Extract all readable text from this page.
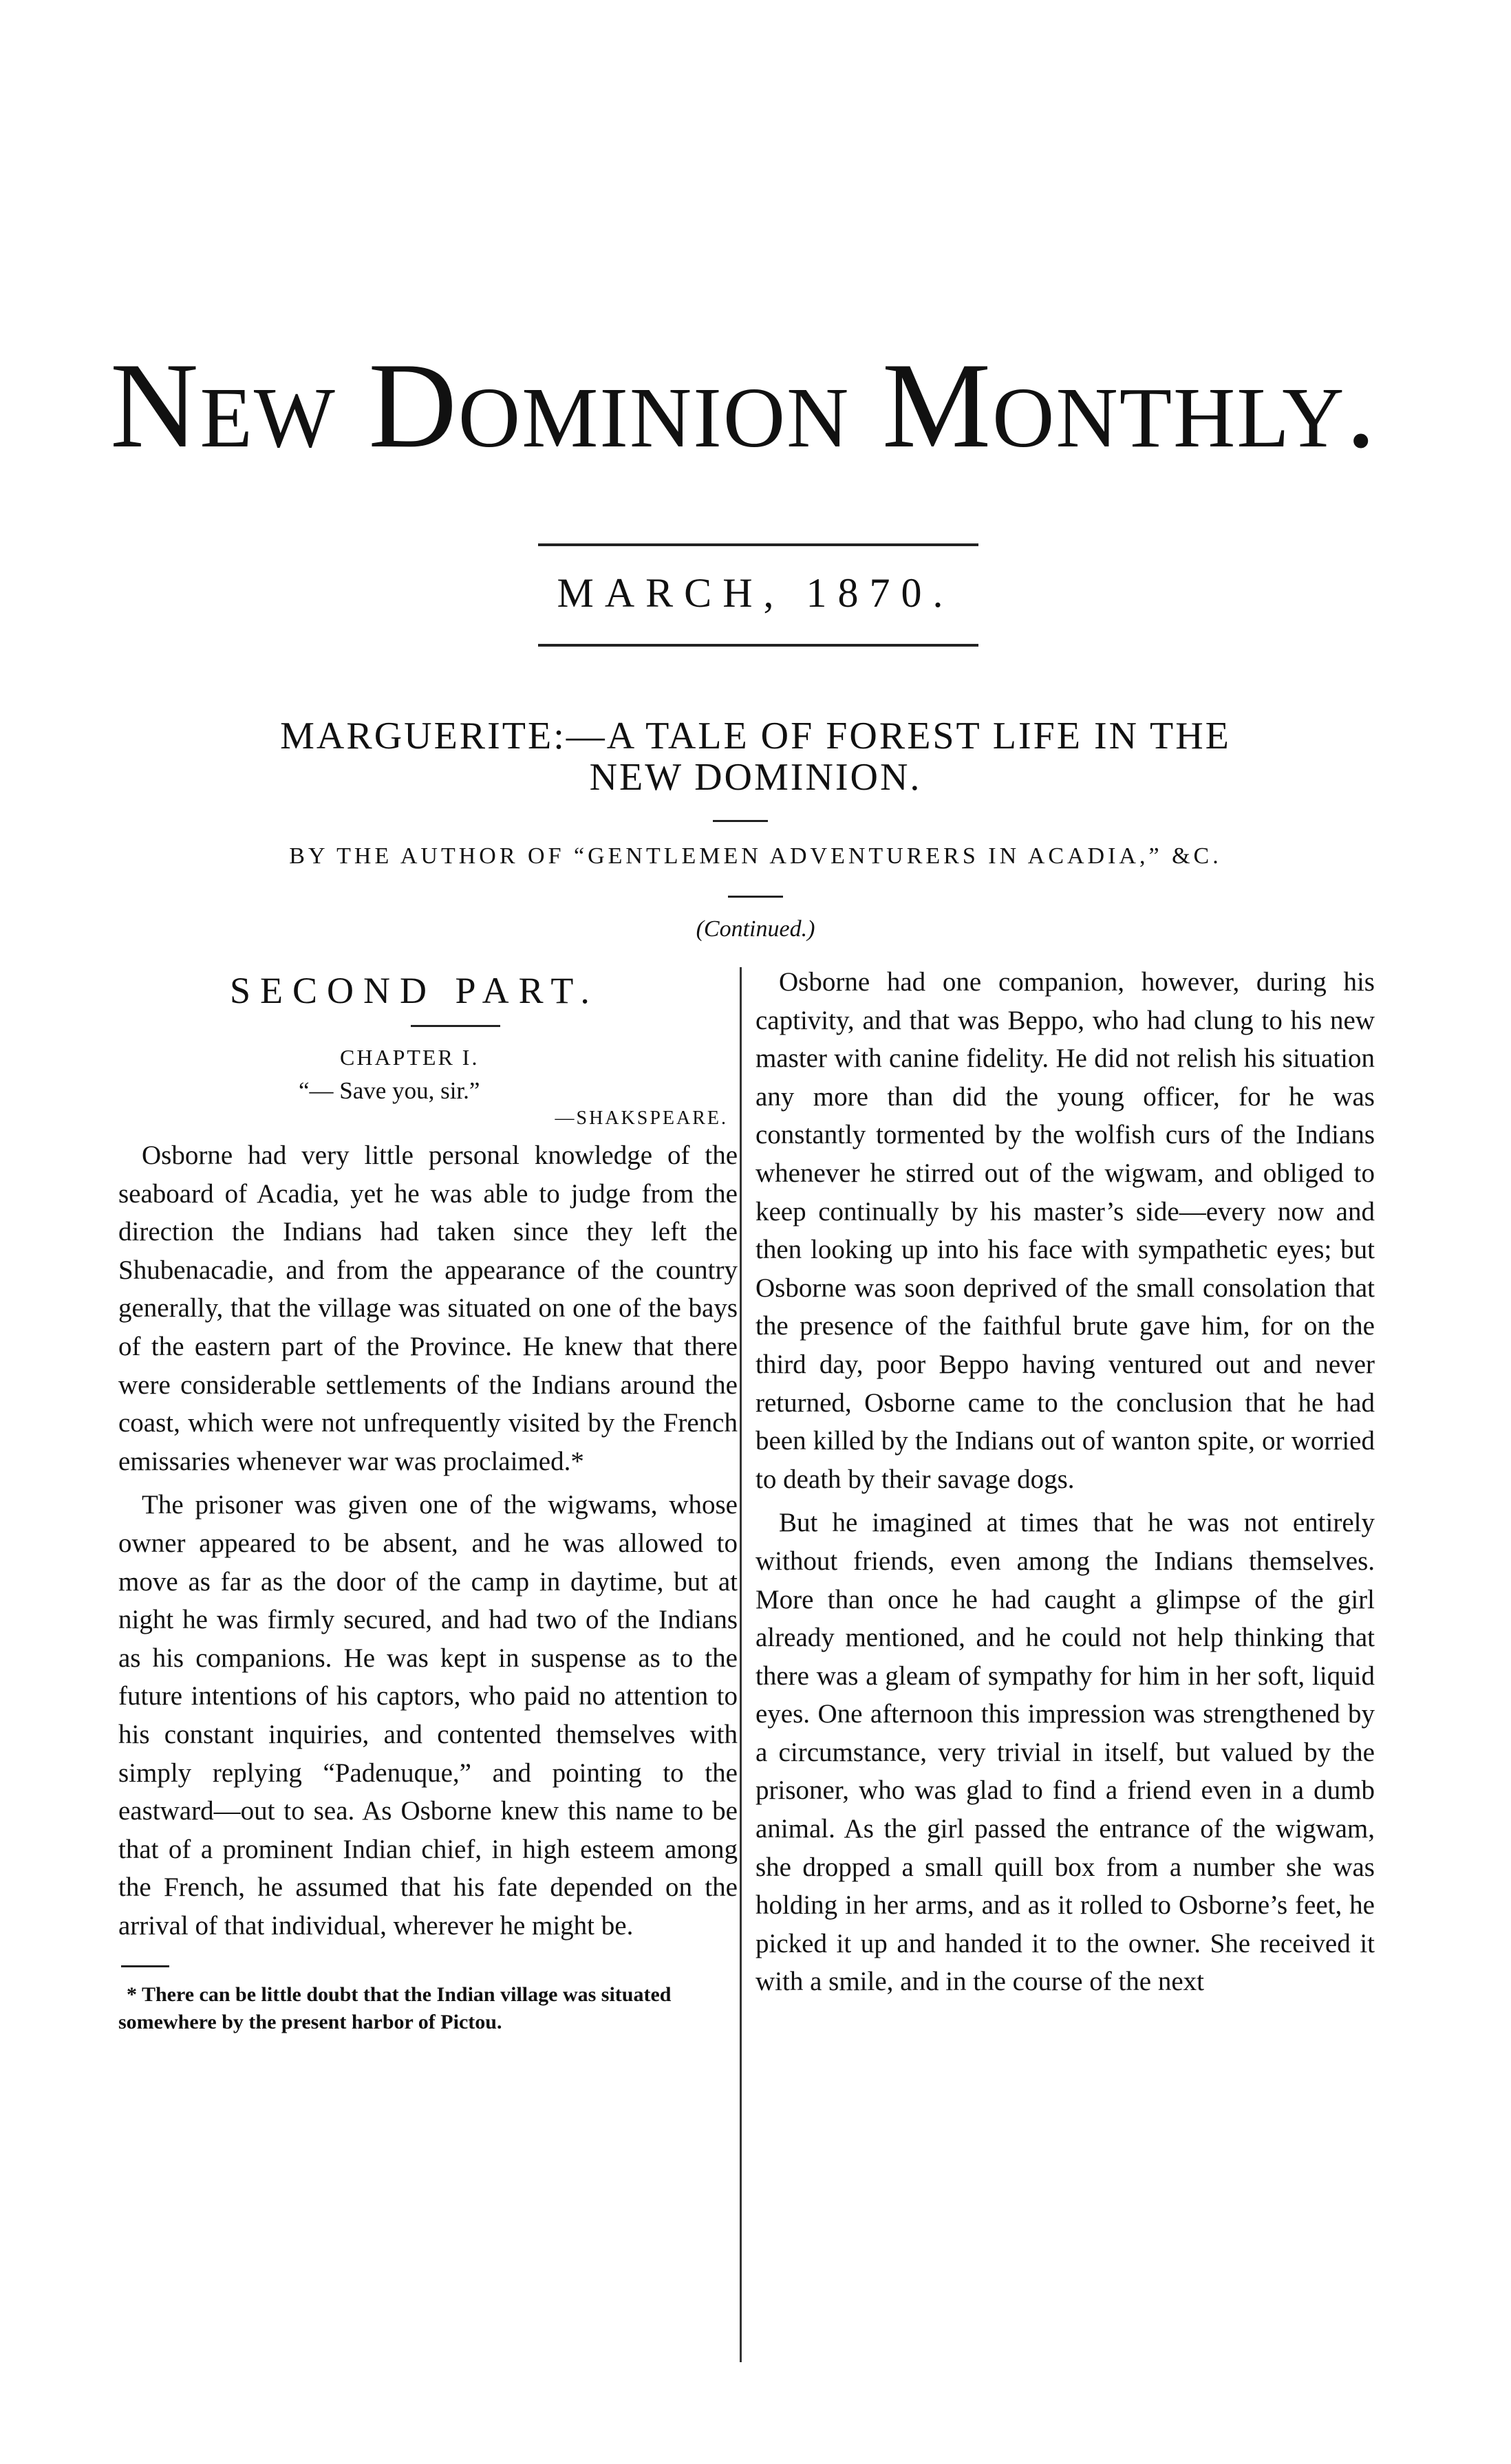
New Dominion Monthly.
MARCH, 1870.
MARGUERITE:—A TALE OF FOREST LIFE IN THE
NEW DOMINION.
BY THE AUTHOR OF “GENTLEMEN ADVENTURERS IN ACADIA,” &C.
(Continued.)
SECOND PART.
CHAPTER I.
“— Save you, sir.”
—SHAKSPEARE.

Osborne had very little personal knowledge of the seaboard of Acadia, yet he was able to judge from the direction the Indians had taken since they left the Shubenacadie, and from the appearance of the country generally, that the village was situated on one of the bays of the eastern part of the Province. He knew that there were considerable settlements of the Indians around the coast, which were not unfrequently visited by the French emissaries whenever war was proclaimed.*

The prisoner was given one of the wigwams, whose owner appeared to be absent, and he was allowed to move as far as the door of the camp in daytime, but at night he was firmly secured, and had two of the Indians as his companions. He was kept in suspense as to the future intentions of his captors, who paid no attention to his constant inquiries, and contented themselves with simply replying “Padenuque,” and pointing to the eastward—out to sea. As Osborne knew this name to be that of a prominent Indian chief, in high esteem among the French, he assumed that his fate depended on the arrival of that individual, wherever he might be.

* There can be little doubt that the Indian village was situated somewhere by the present harbor of Pictou.

Osborne had one companion, however, during his captivity, and that was Beppo, who had clung to his new master with canine fidelity. He did not relish his situation any more than did the young officer, for he was constantly tormented by the wolfish curs of the Indians whenever he stirred out of the wigwam, and obliged to keep continually by his master’s side—every now and then looking up into his face with sympathetic eyes; but Osborne was soon deprived of the small consolation that the presence of the faithful brute gave him, for on the third day, poor Beppo having ventured out and never returned, Osborne came to the conclusion that he had been killed by the Indians out of wanton spite, or worried to death by their savage dogs.

But he imagined at times that he was not entirely without friends, even among the Indians themselves. More than once he had caught a glimpse of the girl already mentioned, and he could not help thinking that there was a gleam of sympathy for him in her soft, liquid eyes. One afternoon this impression was strengthened by a circumstance, very trivial in itself, but valued by the prisoner, who was glad to find a friend even in a dumb animal. As the girl passed the entrance of the wigwam, she dropped a small quill box from a number she was holding in her arms, and as it rolled to Osborne’s feet, he picked it up and handed it to the owner. She received it with a smile, and in the course of the next
